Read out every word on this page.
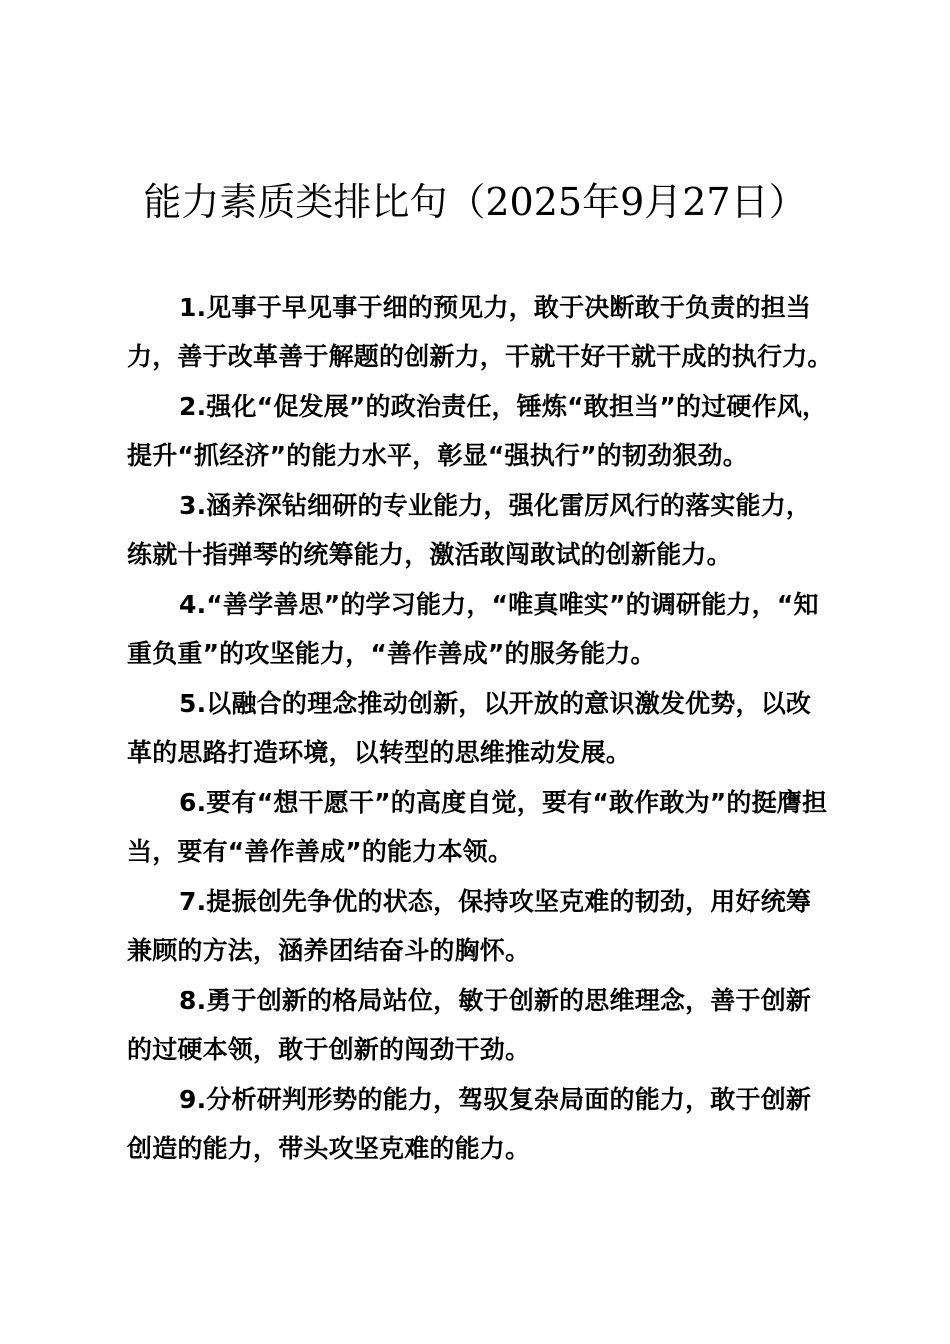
能力素质类排比句（2025年9月27日）

1.见事于早见事于细的预见力，敢于决断敢于负责的担当力，善于改革善于解题的创新力，干就干好干就干成的执行力。

2.强化“促发展”的政治责任，锤炼“敢担当”的过硬作风，提升“抓经济”的能力水平，彰显“强执行”的韧劲狠劲。

3.涵养深钻细研的专业能力，强化雷厉风行的落实能力，练就十指弹琴的统筹能力，激活敢闯敢试的创新能力。

4.“善学善思”的学习能力，“唯真唯实”的调研能力，“知重负重”的攻坚能力，“善作善成”的服务能力。

5.以融合的理念推动创新，以开放的意识激发优势，以改革的思路打造环境，以转型的思维推动发展。

6.要有“想干愿干”的高度自觉，要有“敢作敢为”的挺膺担当，要有“善作善成”的能力本领。

7.提振创先争优的状态，保持攻坚克难的韧劲，用好统筹兼顾的方法，涵养团结奋斗的胸怀。

8.勇于创新的格局站位，敏于创新的思维理念，善于创新的过硬本领，敢于创新的闯劲干劲。

9.分析研判形势的能力，驾驭复杂局面的能力，敢于创新创造的能力，带头攻坚克难的能力。
